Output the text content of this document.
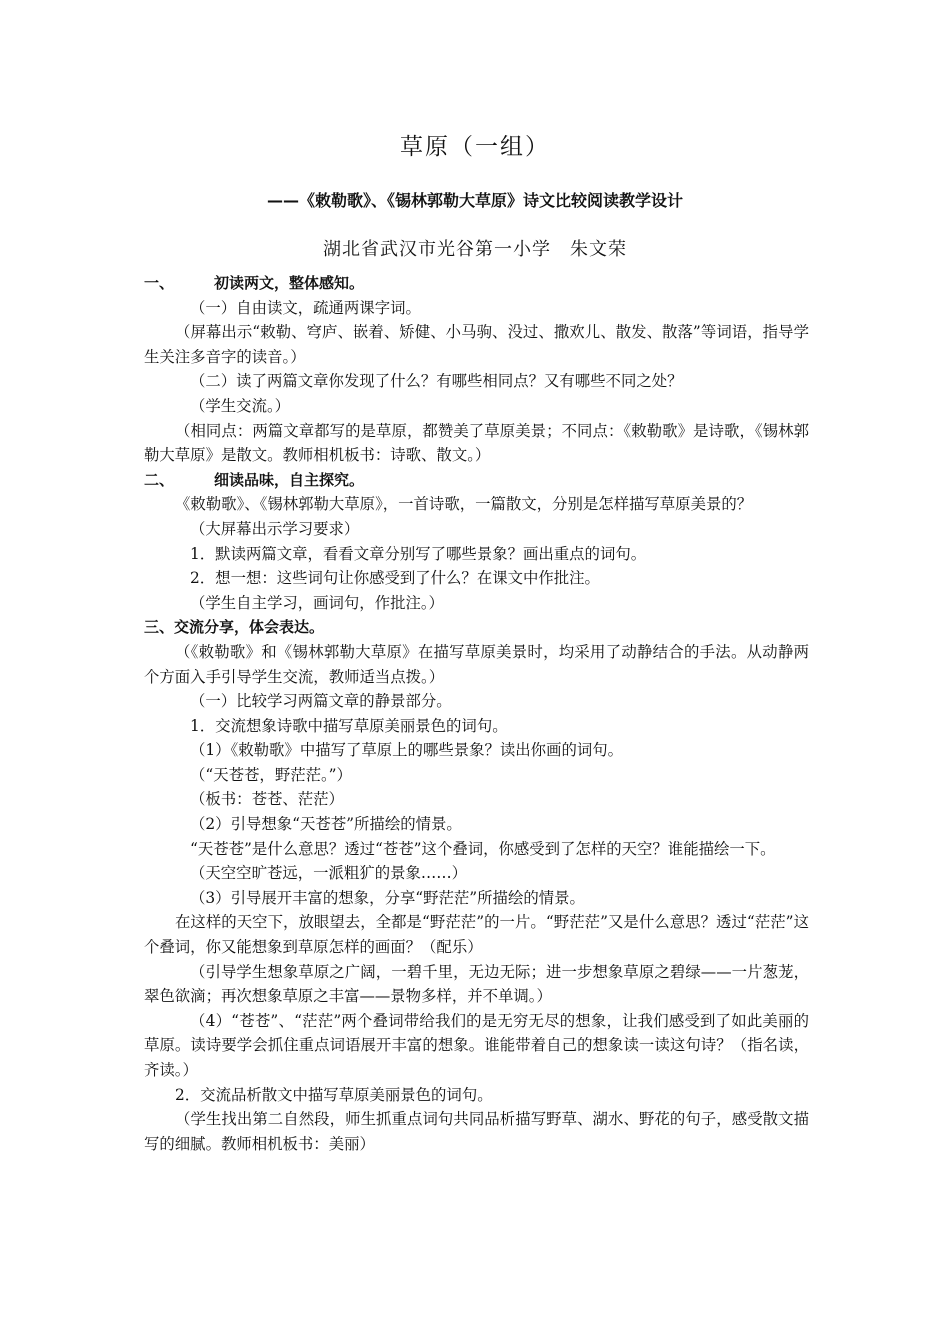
草原（一组）
——《敕勒歌》、《锡林郭勒大草原》诗文比较阅读教学设计
湖北省武汉市光谷第一小学　朱文荣

一、	初读两文，整体感知。

（一）自由读文，疏通两课字词。

（屏幕出示“敕勒、穹庐、嵌着、矫健、小马驹、没过、撒欢儿、散发、散落”等词语，指导学生关注多音字的读音。）

（二）读了两篇文章你发现了什么？有哪些相同点？又有哪些不同之处？

（学生交流。）

（相同点：两篇文章都写的是草原，都赞美了草原美景；不同点：《敕勒歌》是诗歌，《锡林郭勒大草原》是散文。教师相机板书：诗歌、散文。）

二、	细读品味，自主探究。

《敕勒歌》、《锡林郭勒大草原》，一首诗歌，一篇散文，分别是怎样描写草原美景的？

（大屏幕出示学习要求）

1．默读两篇文章，看看文章分别写了哪些景象？画出重点的词句。

2．想一想：这些词句让你感受到了什么？在课文中作批注。

（学生自主学习，画词句，作批注。）

三、交流分享，体会表达。

（《敕勒歌》和《锡林郭勒大草原》在描写草原美景时，均采用了动静结合的手法。从动静两个方面入手引导学生交流，教师适当点拨。）

（一）比较学习两篇文章的静景部分。

1．交流想象诗歌中描写草原美丽景色的词句。

（1）《敕勒歌》中描写了草原上的哪些景象？读出你画的词句。

（“天苍苍，野茫茫。”）

（板书：苍苍、茫茫）

（2）引导想象“天苍苍”所描绘的情景。

“天苍苍”是什么意思？透过“苍苍”这个叠词，你感受到了怎样的天空？谁能描绘一下。

（天空空旷苍远，一派粗犷的景象……）

（3）引导展开丰富的想象，分享“野茫茫”所描绘的情景。

在这样的天空下，放眼望去，全都是“野茫茫”的一片。“野茫茫”又是什么意思？透过“茫茫”这个叠词，你又能想象到草原怎样的画面？（配乐）

（引导学生想象草原之广阔，一碧千里，无边无际；进一步想象草原之碧绿——一片葱茏，翠色欲滴；再次想象草原之丰富——景物多样，并不单调。）

（4）“苍苍”、“茫茫”两个叠词带给我们的是无穷无尽的想象，让我们感受到了如此美丽的草原。读诗要学会抓住重点词语展开丰富的想象。谁能带着自己的想象读一读这句诗？（指名读，齐读。）

2．交流品析散文中描写草原美丽景色的词句。

（学生找出第二自然段，师生抓重点词句共同品析描写野草、湖水、野花的句子，感受散文描写的细腻。教师相机板书：美丽）
